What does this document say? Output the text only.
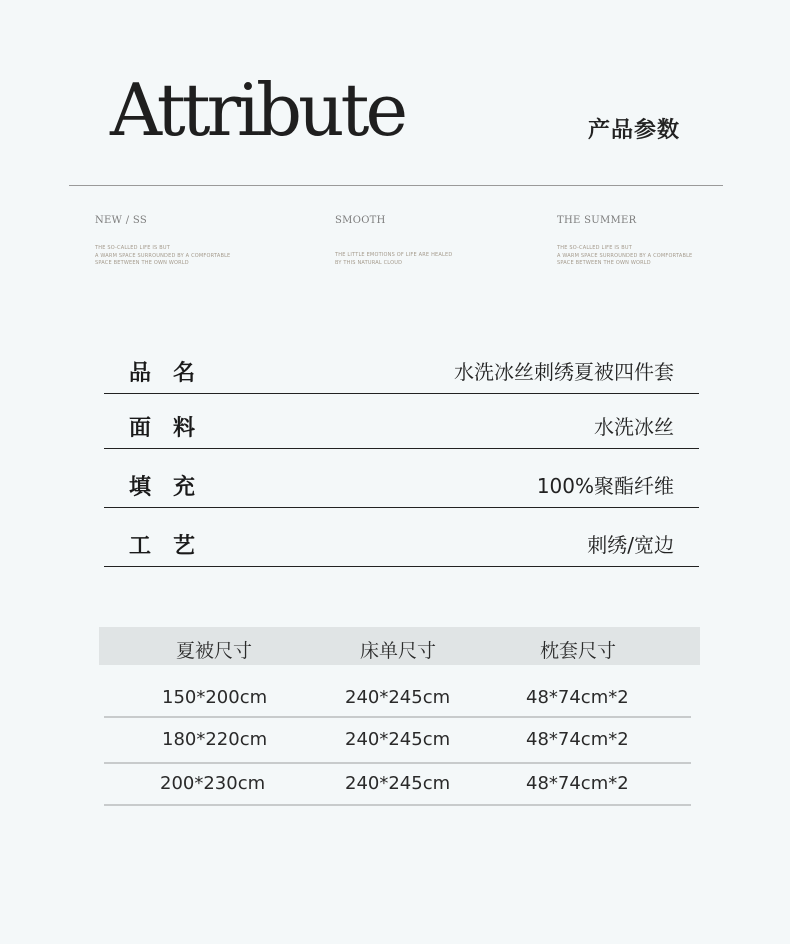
Attribute	产品参数
NEW / SS
THE SO-CALLED LIFE IS BUT
A WARM SPACE SURROUNDED BY A COMFORTABLE
SPACE BETWEEN THE OWN WORLD
SMOOTH
THE LITTLE EMOTIONS OF LIFE ARE HEALED
BY THIS NATURAL CLOUD
THE SUMMER
THE SO-CALLED LIFE IS BUT
A WARM SPACE SURROUNDED BY A COMFORTABLE
SPACE BETWEEN THE OWN WORLD
品名	水洗冰丝刺绣夏被四件套
面料	水洗冰丝
填充	100%聚酯纤维
工艺	刺绣/宽边
夏被尺寸	床单尺寸	枕套尺寸
150*200cm	240*245cm	48*74cm*2
180*220cm	240*245cm	48*74cm*2
200*230cm	240*245cm	48*74cm*2
